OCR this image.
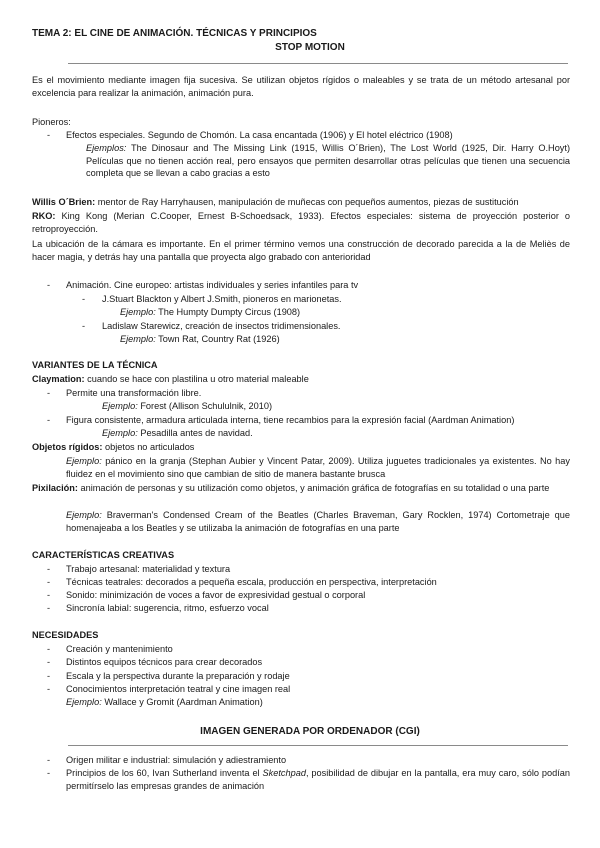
TEMA 2: EL CINE DE ANIMACIÓN. TÉCNICAS Y PRINCIPIOS
STOP MOTION
Es el movimiento mediante imagen fija sucesiva. Se utilizan objetos rígidos o maleables y se trata de un método artesanal por excelencia para realizar la animación, animación pura.
Pioneros:
- Efectos especiales. Segundo de Chomón. La casa encantada (1906) y El hotel eléctrico (1908)
Ejemplos: The Dinosaur and The Missing Link (1915, Willis O´Brien), The Lost World (1925, Dir. Harry O.Hoyt) Películas que no tienen acción real, pero ensayos que permiten desarrollar otras películas que tienen una secuencia completa que se llevan a cabo gracias a esto
Willis O´Brien: mentor de Ray Harryhausen, manipulación de muñecas con pequeños aumentos, piezas de sustitución
RKO: King Kong (Merian C.Cooper, Ernest B-Schoedsack, 1933). Efectos especiales: sistema de proyección posterior o retroproyección.
La ubicación de la cámara es importante. En el primer término vemos una construcción de decorado parecida a la de Meliès de hacer magia, y detrás hay una pantalla que proyecta algo grabado con anterioridad
- Animación. Cine europeo: artistas individuales y series infantiles para tv
- J.Stuart Blackton y Albert J.Smith, pioneros en marionetas.
Ejemplo: The Humpty Dumpty Circus (1908)
- Ladislaw Starewicz, creación de insectos tridimensionales.
Ejemplo: Town Rat, Country Rat (1926)
VARIANTES DE LA TÉCNICA
Claymation: cuando se hace con plastilina u otro material maleable
- Permite una transformación libre.
Ejemplo: Forest (Allison Schululnik, 2010)
- Figura consistente, armadura articulada interna, tiene recambios para la expresión facial (Aardman Animation)
Ejemplo: Pesadilla antes de navidad.
Objetos rígidos: objetos no articulados
Ejemplo: pánico en la granja (Stephan Aubier y Vincent Patar, 2009). Utiliza juguetes tradicionales ya existentes. No hay fluidez en el movimiento sino que cambian de sitio de manera bastante brusca
Pixilación: animación de personas y su utilización como objetos, y animación gráfica de fotografías en su totalidad o una parte
Ejemplo: Braverman's Condensed Cream of the Beatles (Charles Braveman, Gary Rocklen, 1974) Cortometraje que homenajeaba a los Beatles y se utilizaba la animación de fotografías en una parte
CARACTERÍSTICAS CREATIVAS
- Trabajo artesanal: materialidad y textura
- Técnicas teatrales: decorados a pequeña escala, producción en perspectiva, interpretación
- Sonido: minimización de voces a favor de expresividad gestual o corporal
- Sincronía labial: sugerencia, ritmo, esfuerzo vocal
NECESIDADES
- Creación y mantenimiento
- Distintos equipos técnicos para crear decorados
- Escala y la perspectiva durante la preparación y rodaje
- Conocimientos interpretación teatral y cine imagen real
Ejemplo: Wallace y Gromit (Aardman Animation)
IMAGEN GENERADA POR ORDENADOR (CGI)
- Origen militar e industrial: simulación y adiestramiento
- Principios de los 60, Ivan Sutherland inventa el Sketchpad, posibilidad de dibujar en la pantalla, era muy caro, sólo podían permitírselo las empresas grandes de animación
